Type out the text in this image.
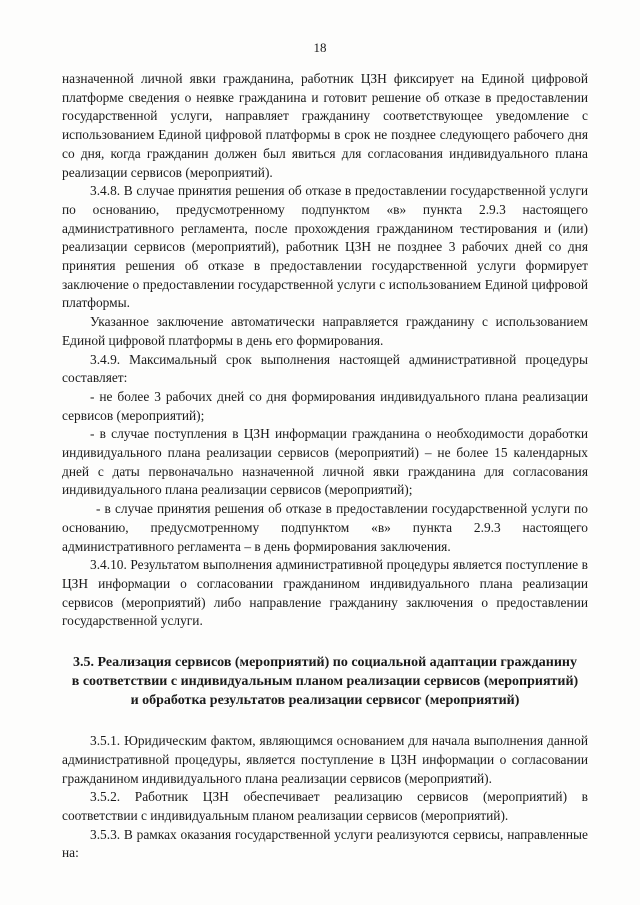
18

назначенной личной явки гражданина, работник ЦЗН фиксирует на Единой цифровой платформе сведения о неявке гражданина и готовит решение об отказе в предоставлении государственной услуги, направляет гражданину соответствующее уведомление с использованием Единой цифровой платформы в срок не позднее следующего рабочего дня со дня, когда гражданин должен был явиться для согласования индивидуального плана реализации сервисов (мероприятий).

3.4.8. В случае принятия решения об отказе в предоставлении государственной услуги по основанию, предусмотренному подпунктом «в» пункта 2.9.3 настоящего административного регламента, после прохождения гражданином тестирования и (или) реализации сервисов (мероприятий), работник ЦЗН не позднее 3 рабочих дней со дня принятия решения об отказе в предоставлении государственной услуги формирует заключение о предоставлении государственной услуги с использованием Единой цифровой платформы.

Указанное заключение автоматически направляется гражданину с использованием Единой цифровой платформы в день его формирования.

3.4.9. Максимальный срок выполнения настоящей административной процедуры составляет:

- не более 3 рабочих дней со дня формирования индивидуального плана реализации сервисов (мероприятий);

- в случае поступления в ЦЗН информации гражданина о необходимости доработки индивидуального плана реализации сервисов (мероприятий) – не более 15 календарных дней с даты первоначально назначенной личной явки гражданина для согласования индивидуального плана реализации сервисов (мероприятий);

- в случае принятия решения об отказе в предоставлении государственной услуги по основанию, предусмотренному подпунктом «в» пункта 2.9.3 настоящего административного регламента – в день формирования заключения.

3.4.10. Результатом выполнения административной процедуры является поступление в ЦЗН информации о согласовании гражданином индивидуального плана реализации сервисов (мероприятий) либо направление гражданину заключения о предоставлении государственной услуги.

3.5. Реализация сервисов (мероприятий) по социальной адаптации гражданину в соответствии с индивидуальным планом реализации сервисов (мероприятий) и обработка результатов реализации сервисог (мероприятий)

3.5.1. Юридическим фактом, являющимся основанием для начала выполнения данной административной процедуры, является поступление в ЦЗН информации о согласовании гражданином индивидуального плана реализации сервисов (мероприятий).

3.5.2. Работник ЦЗН обеспечивает реализацию сервисов (мероприятий) в соответствии с индивидуальным планом реализации сервисов (мероприятий).

3.5.3. В рамках оказания государственной услуги реализуются сервисы, направленные на:
